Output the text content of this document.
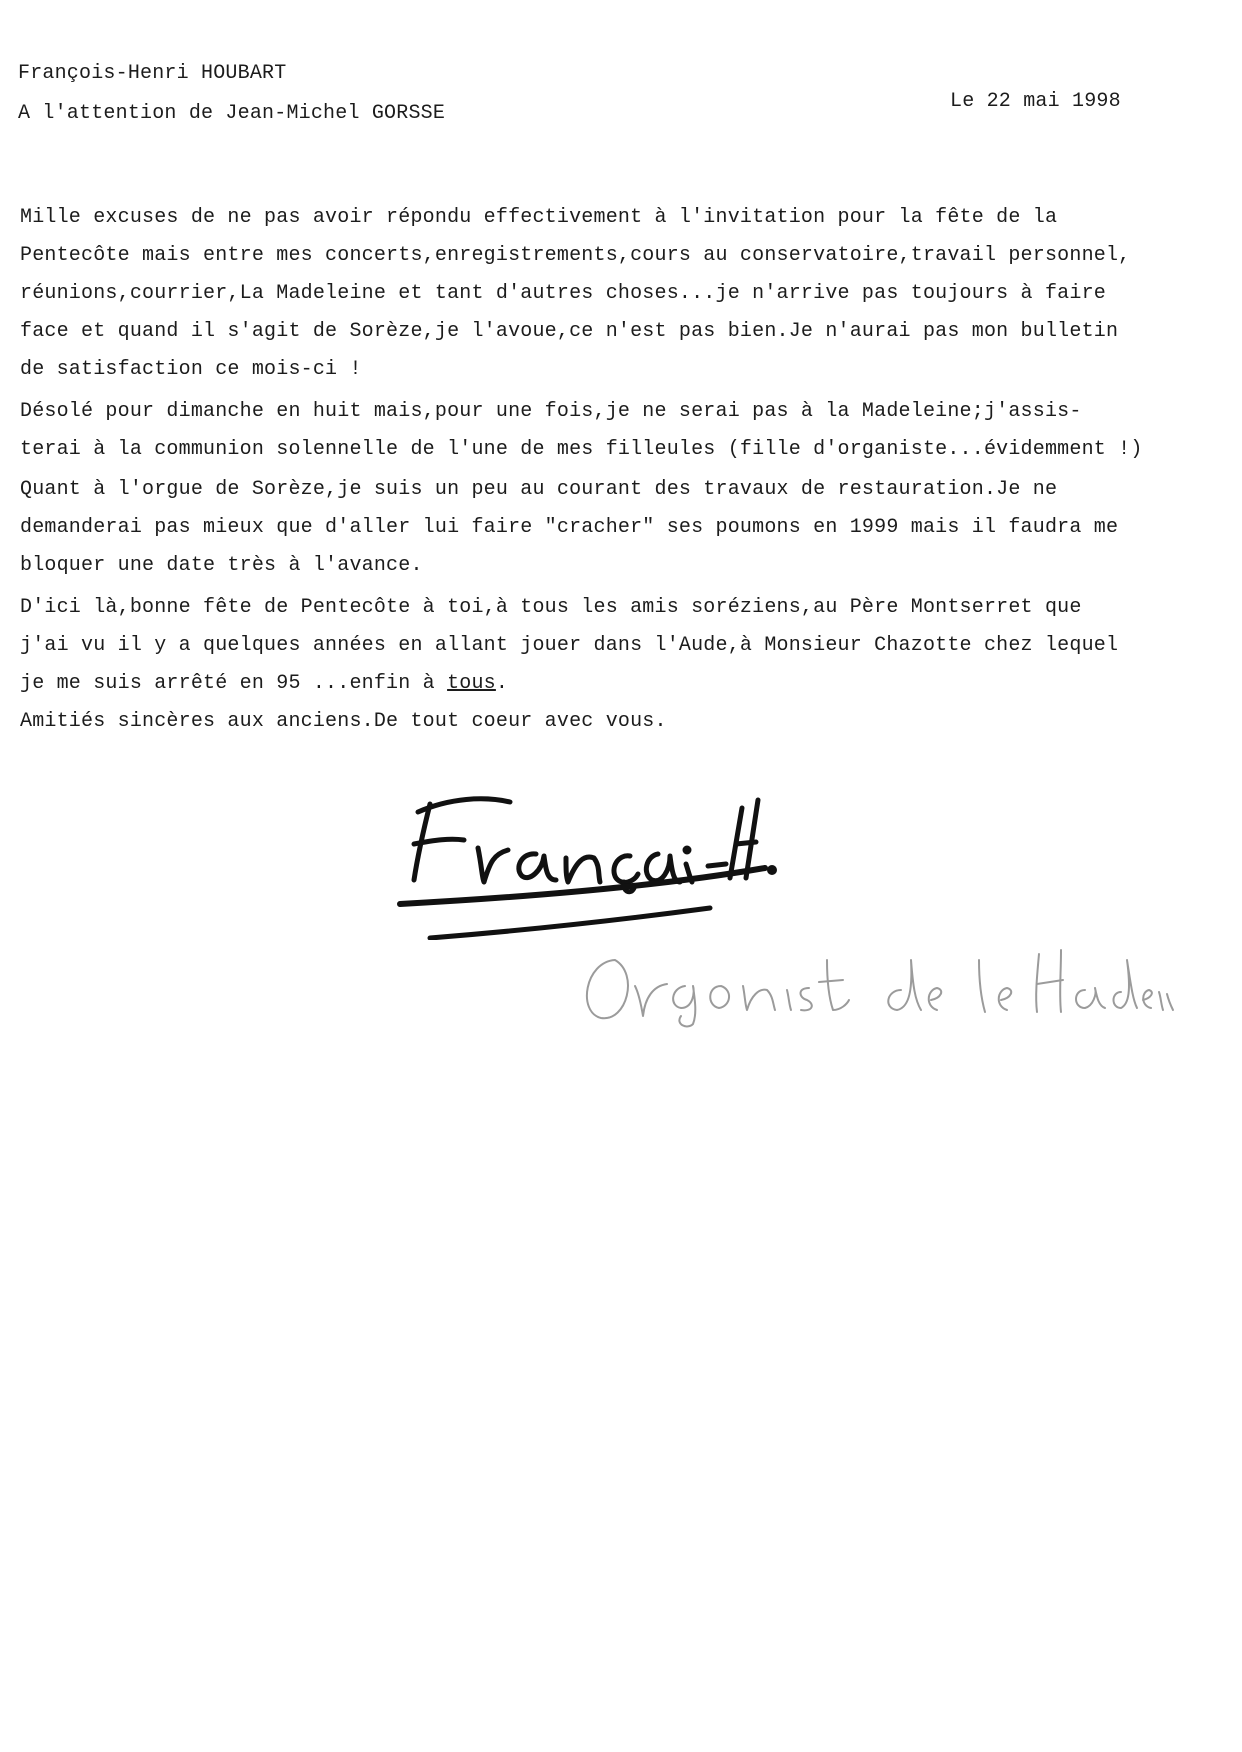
François-Henri HOUBART
A l'attention de Jean-Michel GORSSE
Le 22 mai 1998
Mille excuses de ne pas avoir répondu effectivement à l'invitation pour la fête de la
Pentecôte mais entre mes concerts,enregistrements,cours au conservatoire,travail personnel,
réunions,courrier,La Madeleine et tant d'autres choses...je n'arrive pas toujours à faire
face et quand il s'agit de Sorèze,je l'avoue,ce n'est pas bien.Je n'aurai pas mon bulletin
de satisfaction ce mois-ci !
Désolé pour dimanche en huit mais,pour une fois,je ne serai pas à la Madeleine;j'assis-
terai à la communion solennelle de l'une de mes filleules (fille d'organiste...évidemment !)
Quant à l'orgue de Sorèze,je suis un peu au courant des travaux de restauration.Je ne
demanderai pas mieux que d'aller lui faire "cracher" ses poumons en 1999 mais il faudra me
bloquer une date très à l'avance.
D'ici là,bonne fête de Pentecôte à toi,à tous les amis soréziens,au Père Montserret que
j'ai vu il y a quelques années en allant jouer dans l'Aude,à Monsieur Chazotte chez lequel
je me suis arrêté en 95 ...enfin à tous.
Amitiés sincères aux anciens.De tout coeur avec vous.
